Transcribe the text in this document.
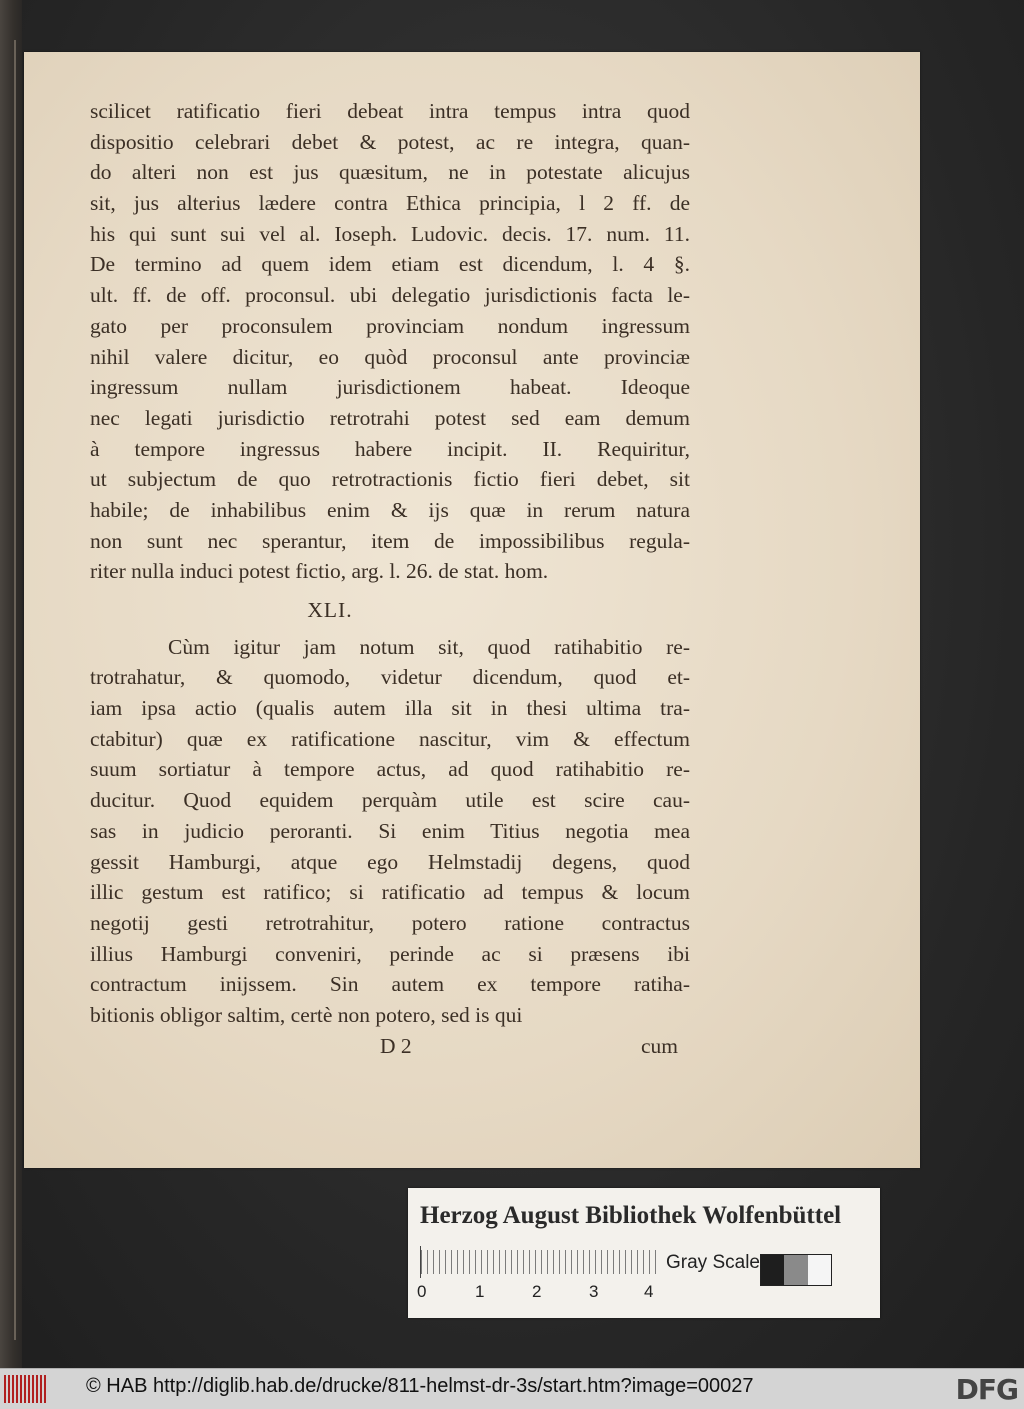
scilicet ratificatio fieri debeat intra tempus intra quod
dispositio celebrari debet & potest, ac re integra, quan-
do alteri non est jus quæsitum, ne in potestate alicujus
sit, jus alterius lædere contra Ethica principia, l 2 ff. de
his qui sunt sui vel al. Ioseph. Ludovic. decis. 17. num. 11.
De termino ad quem idem etiam est dicendum, l. 4 §.
ult. ff. de off. proconsul. ubi delegatio jurisdictionis facta le-
gato per proconsulem provinciam nondum ingressum
nihil valere dicitur, eo quòd proconsul ante provinciæ
ingressum nullam jurisdictionem habeat. Ideoque
nec legati jurisdictio retrotrahi potest sed eam demum
à tempore ingressus habere incipit. II. Requiritur,
ut subjectum de quo retrotractionis fictio fieri debet, sit
habile; de inhabilibus enim & ijs quæ in rerum natura
non sunt nec sperantur, item de impossibilibus regula-
riter nulla induci potest fictio, arg. l. 26. de stat. hom.
XLI.
Cùm igitur jam notum sit, quod ratihabitio re-
trotrahatur, & quomodo, videtur dicendum, quod et-
iam ipsa actio (qualis autem illa sit in thesi ultima tra-
ctabitur) quæ ex ratificatione nascitur, vim & effectum
suum sortiatur à tempore actus, ad quod ratihabitio re-
ducitur. Quod equidem perquàm utile est scire cau-
sas in judicio peroranti. Si enim Titius negotia mea
gessit Hamburgi, atque ego Helmstadij degens, quod
illic gestum est ratifico; si ratificatio ad tempus & locum
negotij gesti retrotrahitur, potero ratione contractus
illius Hamburgi conveniri, perinde ac si præsens ibi
contractum inijssem. Sin autem ex tempore ratiha-
bitionis obligor saltim, certè non potero, sed is qui
D 2	cum
Herzog August Bibliothek Wolfenbüttel
0	1	2	3	4
Gray Scale
© HAB http://diglib.hab.de/drucke/811-helmst-dr-3s/start.htm?image=00027	DFG
